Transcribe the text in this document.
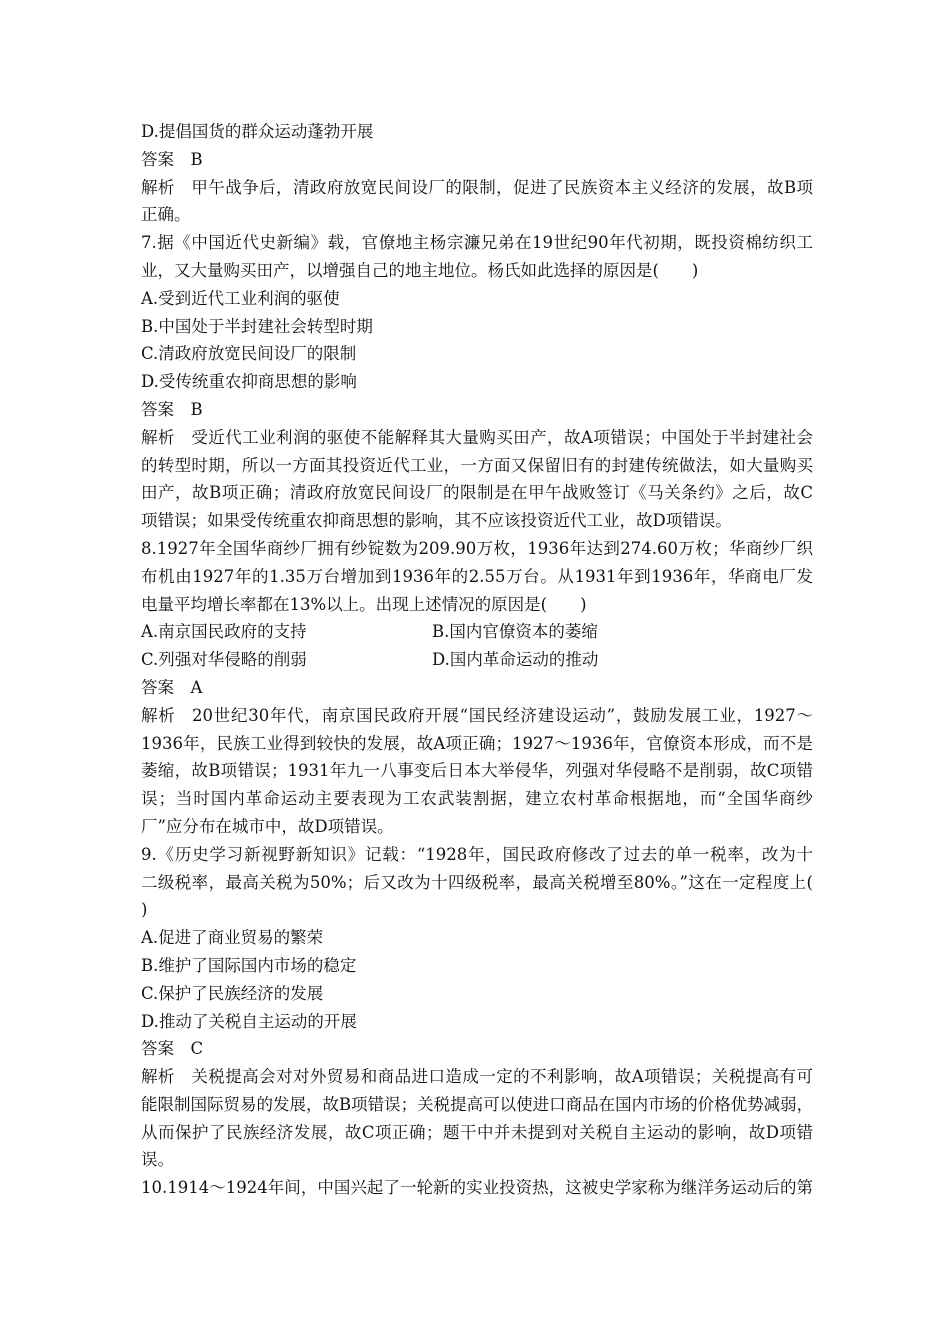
D.提倡国货的群众运动蓬勃开展
答案 B
解析 甲午战争后，清政府放宽民间设厂的限制，促进了民族资本主义经济的发展，故B项
正确。
7.据《中国近代史新编》载，官僚地主杨宗濂兄弟在19世纪90年代初期，既投资棉纺织工
业，又大量购买田产，以增强自己的地主地位。杨氏如此选择的原因是(　　)
A.受到近代工业利润的驱使
B.中国处于半封建社会转型时期
C.清政府放宽民间设厂的限制
D.受传统重农抑商思想的影响
答案 B
解析 受近代工业利润的驱使不能解释其大量购买田产，故A项错误；中国处于半封建社会
的转型时期，所以一方面其投资近代工业，一方面又保留旧有的封建传统做法，如大量购买
田产，故B项正确；清政府放宽民间设厂的限制是在甲午战败签订《马关条约》之后，故C
项错误；如果受传统重农抑商思想的影响，其不应该投资近代工业，故D项错误。
8.1927年全国华商纱厂拥有纱锭数为209.90万枚，1936年达到274.60万枚；华商纱厂织
布机由1927年的1.35万台增加到1936年的2.55万台。从1931年到1936年，华商电厂发
电量平均增长率都在13%以上。出现上述情况的原因是(　　)
A.南京国民政府的支持	B.国内官僚资本的萎缩
C.列强对华侵略的削弱	D.国内革命运动的推动
答案 A
解析 20世纪30年代，南京国民政府开展“国民经济建设运动”，鼓励发展工业，1927～
1936年，民族工业得到较快的发展，故A项正确；1927～1936年，官僚资本形成，而不是
萎缩，故B项错误；1931年九一八事变后日本大举侵华，列强对华侵略不是削弱，故C项错
误；当时国内革命运动主要表现为工农武装割据，建立农村革命根据地，而“全国华商纱
厂”应分布在城市中，故D项错误。
9.《历史学习新视野新知识》记载：“1928年，国民政府修改了过去的单一税率，改为十
二级税率，最高关税为50%；后又改为十四级税率，最高关税增至80%。”这在一定程度上(
)
A.促进了商业贸易的繁荣
B.维护了国际国内市场的稳定
C.保护了民族经济的发展
D.推动了关税自主运动的开展
答案 C
解析 关税提高会对对外贸易和商品进口造成一定的不利影响，故A项错误；关税提高有可
能限制国际贸易的发展，故B项错误；关税提高可以使进口商品在国内市场的价格优势减弱，
从而保护了民族经济发展，故C项正确；题干中并未提到对关税自主运动的影响，故D项错
误。
10.1914～1924年间，中国兴起了一轮新的实业投资热，这被史学家称为继洋务运动后的第
